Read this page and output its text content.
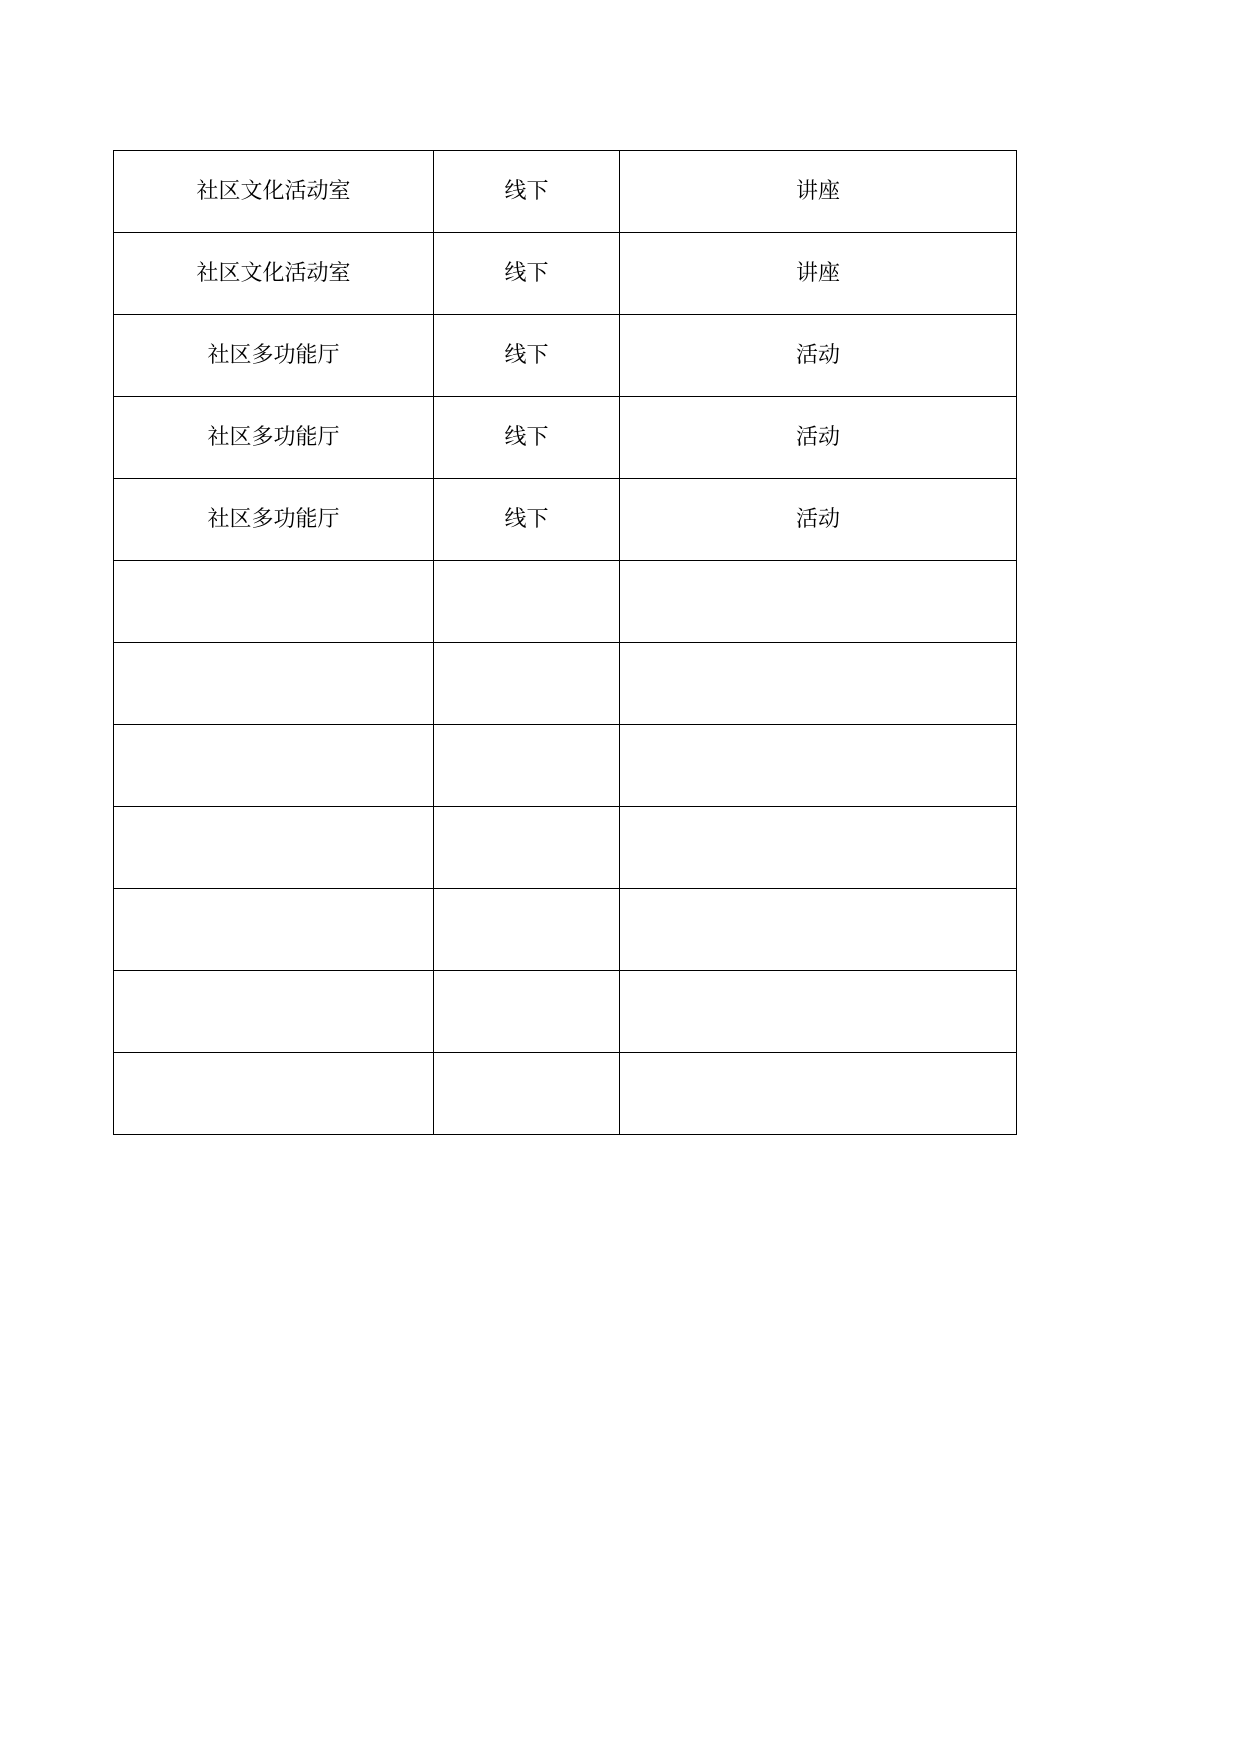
社区文化活动室	线下	讲座
社区文化活动室	线下	讲座
社区多功能厅	线下	活动
社区多功能厅	线下	活动
社区多功能厅	线下	活动
